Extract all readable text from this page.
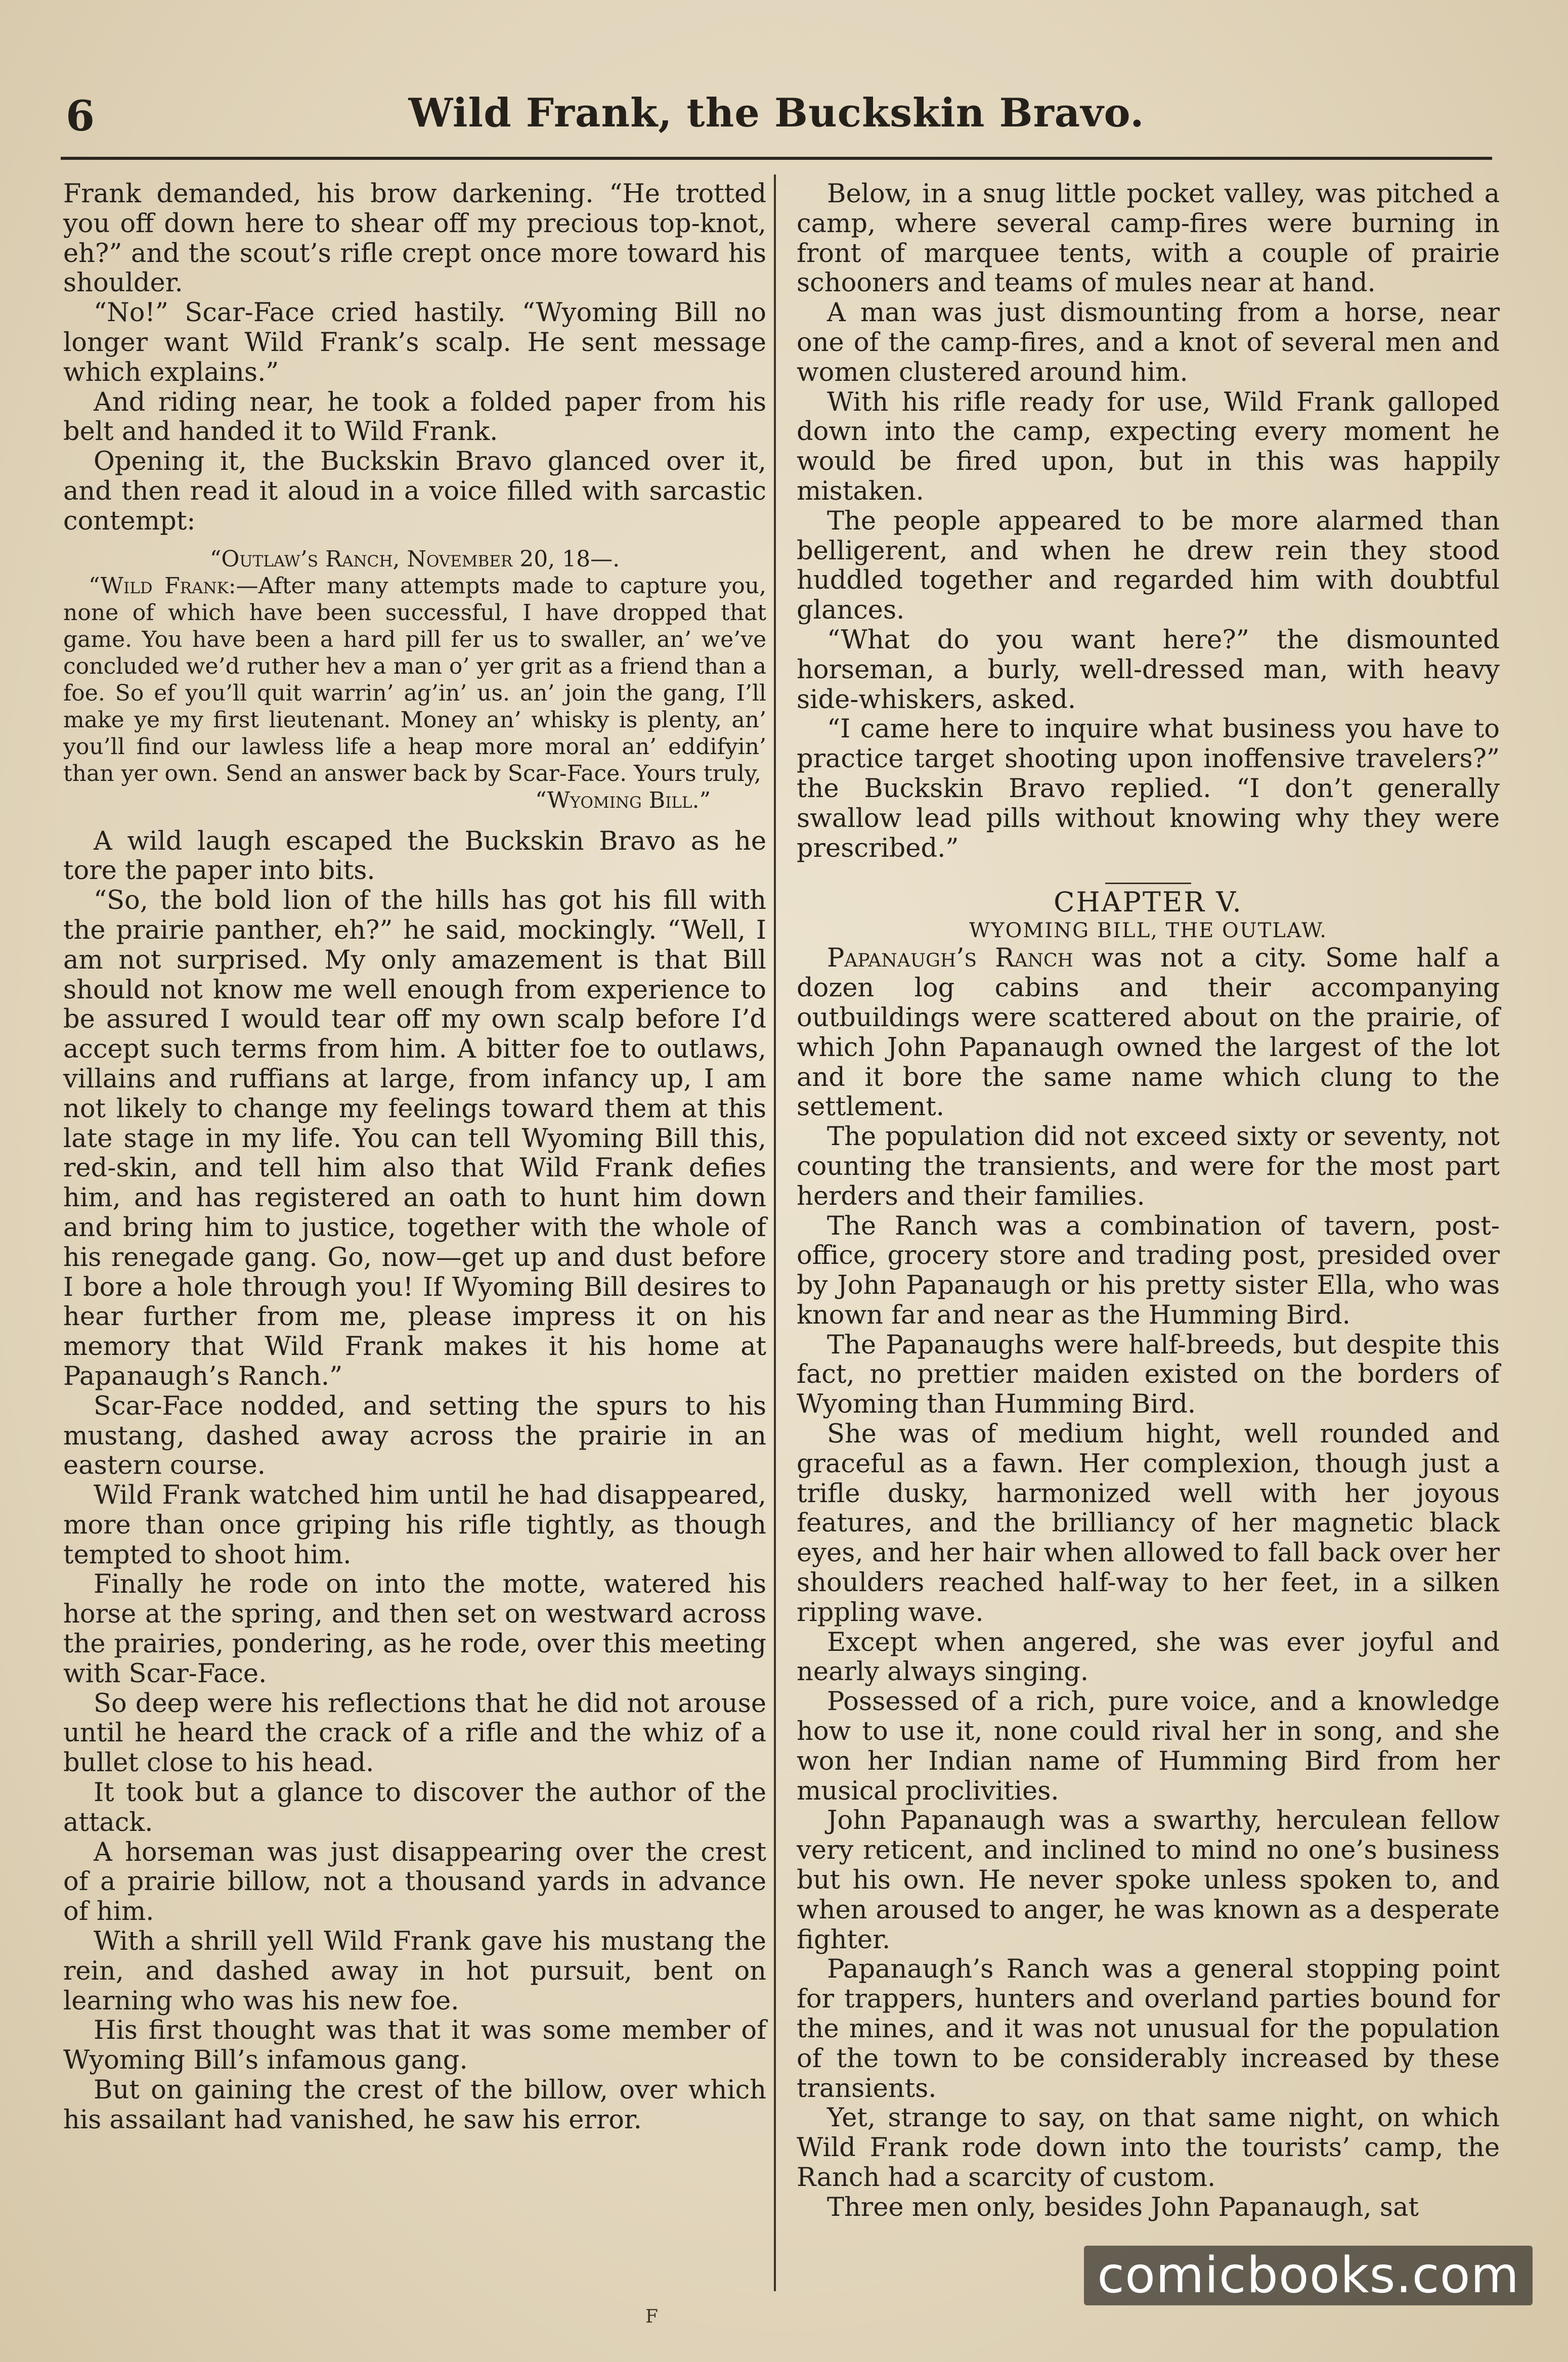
6	Wild Frank, the Buckskin Bravo.

Frank demanded, his brow darkening. “He trotted you off down here to shear off my precious top-knot, eh?” and the scout’s rifle crept once more toward his shoulder.

“No!” Scar-Face cried hastily. “Wyoming Bill no longer want Wild Frank’s scalp. He sent message which explains.”

And riding near, he took a folded paper from his belt and handed it to Wild Frank.

Opening it, the Buckskin Bravo glanced over it, and then read it aloud in a voice filled with sarcastic contempt:

“Outlaw’s Ranch, November 20, 18—.

“Wild Frank:—After many attempts made to capture you, none of which have been successful, I have dropped that game. You have been a hard pill fer us to swaller, an’ we’ve concluded we’d ruther hev a man o’ yer grit as a friend than a foe. So ef you’ll quit warrin’ ag’in’ us. an’ join the gang, I’ll make ye my first lieutenant. Money an’ whisky is plenty, an’ you’ll find our lawless life a heap more moral an’ eddifyin’ than yer own. Send an answer back by Scar-Face. Yours truly,

“Wyoming Bill.”

A wild laugh escaped the Buckskin Bravo as he tore the paper into bits.

“So, the bold lion of the hills has got his fill with the prairie panther, eh?” he said, mockingly. “Well, I am not surprised. My only amazement is that Bill should not know me well enough from experience to be assured I would tear off my own scalp before I’d accept such terms from him. A bitter foe to outlaws, villains and ruffians at large, from infancy up, I am not likely to change my feelings toward them at this late stage in my life. You can tell Wyoming Bill this, red-skin, and tell him also that Wild Frank defies him, and has registered an oath to hunt him down and bring him to justice, together with the whole of his renegade gang. Go, now—get up and dust before I bore a hole through you! If Wyoming Bill desires to hear further from me, please impress it on his memory that Wild Frank makes it his home at Papanaugh’s Ranch.”

Scar-Face nodded, and setting the spurs to his mustang, dashed away across the prairie in an eastern course.

Wild Frank watched him until he had disappeared, more than once griping his rifle tightly, as though tempted to shoot him.

Finally he rode on into the motte, watered his horse at the spring, and then set on westward across the prairies, pondering, as he rode, over this meeting with Scar-Face.

So deep were his reflections that he did not arouse until he heard the crack of a rifle and the whiz of a bullet close to his head.

It took but a glance to discover the author of the attack.

A horseman was just disappearing over the crest of a prairie billow, not a thousand yards in advance of him.

With a shrill yell Wild Frank gave his mustang the rein, and dashed away in hot pursuit, bent on learning who was his new foe.

His first thought was that it was some member of Wyoming Bill’s infamous gang.

But on gaining the crest of the billow, over which his assailant had vanished, he saw his error.

Below, in a snug little pocket valley, was pitched a camp, where several camp-fires were burning in front of marquee tents, with a couple of prairie schooners and teams of mules near at hand.

A man was just dismounting from a horse, near one of the camp-fires, and a knot of several men and women clustered around him.

With his rifle ready for use, Wild Frank galloped down into the camp, expecting every moment he would be fired upon, but in this was happily mistaken.

The people appeared to be more alarmed than belligerent, and when he drew rein they stood huddled together and regarded him with doubtful glances.

“What do you want here?” the dismounted horseman, a burly, well-dressed man, with heavy side-whiskers, asked.

“I came here to inquire what business you have to practice target shooting upon inoffensive travelers?” the Buckskin Bravo replied. “I don’t generally swallow lead pills without knowing why they were prescribed.”

CHAPTER V.

WYOMING BILL, THE OUTLAW.

Papanaugh’s Ranch was not a city. Some half a dozen log cabins and their accompanying outbuildings were scattered about on the prairie, of which John Papanaugh owned the largest of the lot and it bore the same name which clung to the settlement.

The population did not exceed sixty or seventy, not counting the transients, and were for the most part herders and their families.

The Ranch was a combination of tavern, post-office, grocery store and trading post, presided over by John Papanaugh or his pretty sister Ella, who was known far and near as the Humming Bird.

The Papanaughs were half-breeds, but despite this fact, no prettier maiden existed on the borders of Wyoming than Humming Bird.

She was of medium hight, well rounded and graceful as a fawn. Her complexion, though just a trifle dusky, harmonized well with her joyous features, and the brilliancy of her magnetic black eyes, and her hair when allowed to fall back over her shoulders reached half-way to her feet, in a silken rippling wave.

Except when angered, she was ever joyful and nearly always singing.

Possessed of a rich, pure voice, and a knowledge how to use it, none could rival her in song, and she won her Indian name of Humming Bird from her musical proclivities.

John Papanaugh was a swarthy, herculean fellow very reticent, and inclined to mind no one’s business but his own. He never spoke unless spoken to, and when aroused to anger, he was known as a desperate fighter.

Papanaugh’s Ranch was a general stopping point for trappers, hunters and overland parties bound for the mines, and it was not unusual for the population of the town to be considerably increased by these transients.

Yet, strange to say, on that same night, on which Wild Frank rode down into the tourists’ camp, the Ranch had a scarcity of custom.

Three men only, besides John Papanaugh, sat

F
comicbooks.com
